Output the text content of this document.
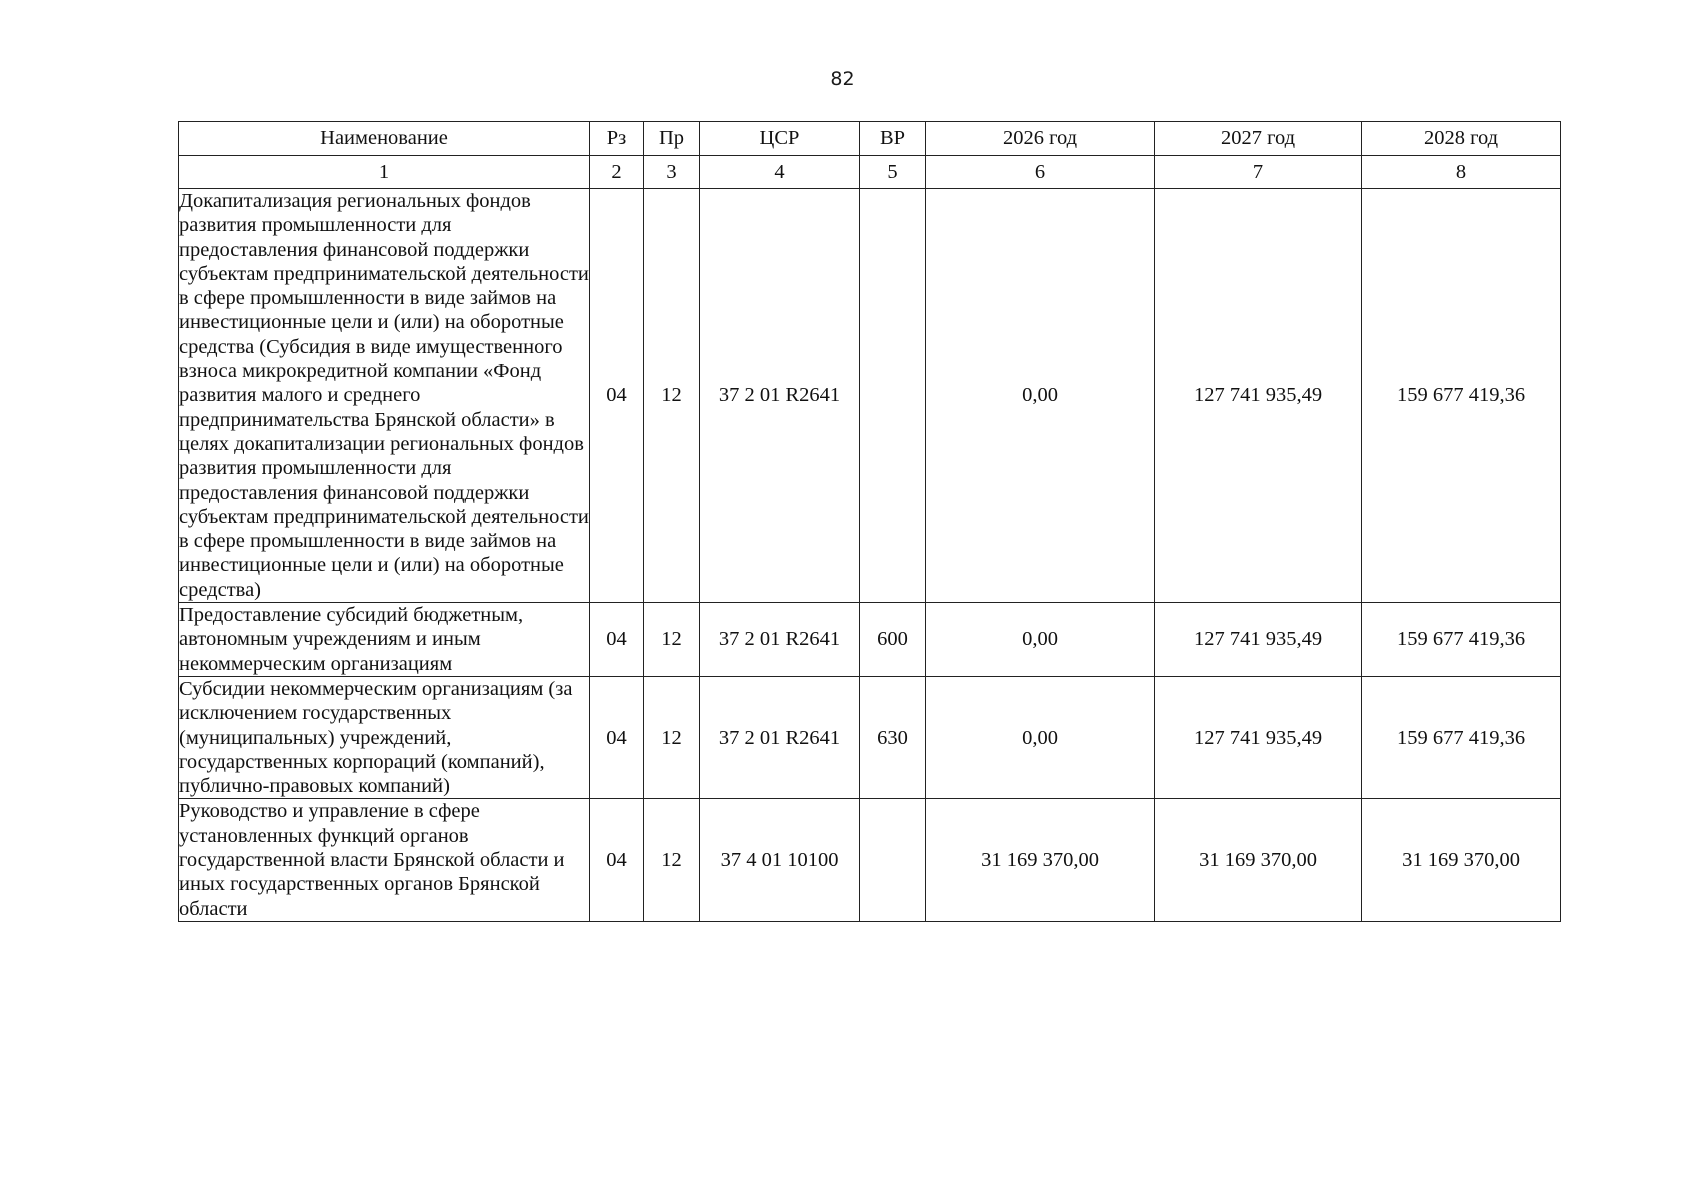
82
Наименование	Рз	Пр	ЦСР	ВР	2026 год	2027 год	2028 год
1	2	3	4	5	6	7	8
Докапитализация региональных фондов развития промышленности для предоставления финансовой поддержки субъектам предпринимательской деятельности в сфере промышленности в виде займов на инвестиционные цели и (или) на оборотные средства (Субсидия в виде имущественного взноса микрокредитной компании «Фонд развития малого и среднего предпринимательства Брянской области» в целях докапитализации региональных фондов развития промышленности для предоставления финансовой поддержки субъектам предпринимательской деятельности в сфере промышленности в виде займов на инвестиционные цели и (или) на оборотные средства)	04	12	37 2 01 R2641		0,00	127 741 935,49	159 677 419,36
Предоставление субсидий бюджетным, автономным учреждениям и иным некоммерческим организациям	04	12	37 2 01 R2641	600	0,00	127 741 935,49	159 677 419,36
Субсидии некоммерческим организациям (за исключением государственных (муниципальных) учреждений, государственных корпораций (компаний), публично-правовых компаний)	04	12	37 2 01 R2641	630	0,00	127 741 935,49	159 677 419,36
Руководство и управление в сфере установленных функций органов государственной власти Брянской области и иных государственных органов Брянской области	04	12	37 4 01 10100		31 169 370,00	31 169 370,00	31 169 370,00
